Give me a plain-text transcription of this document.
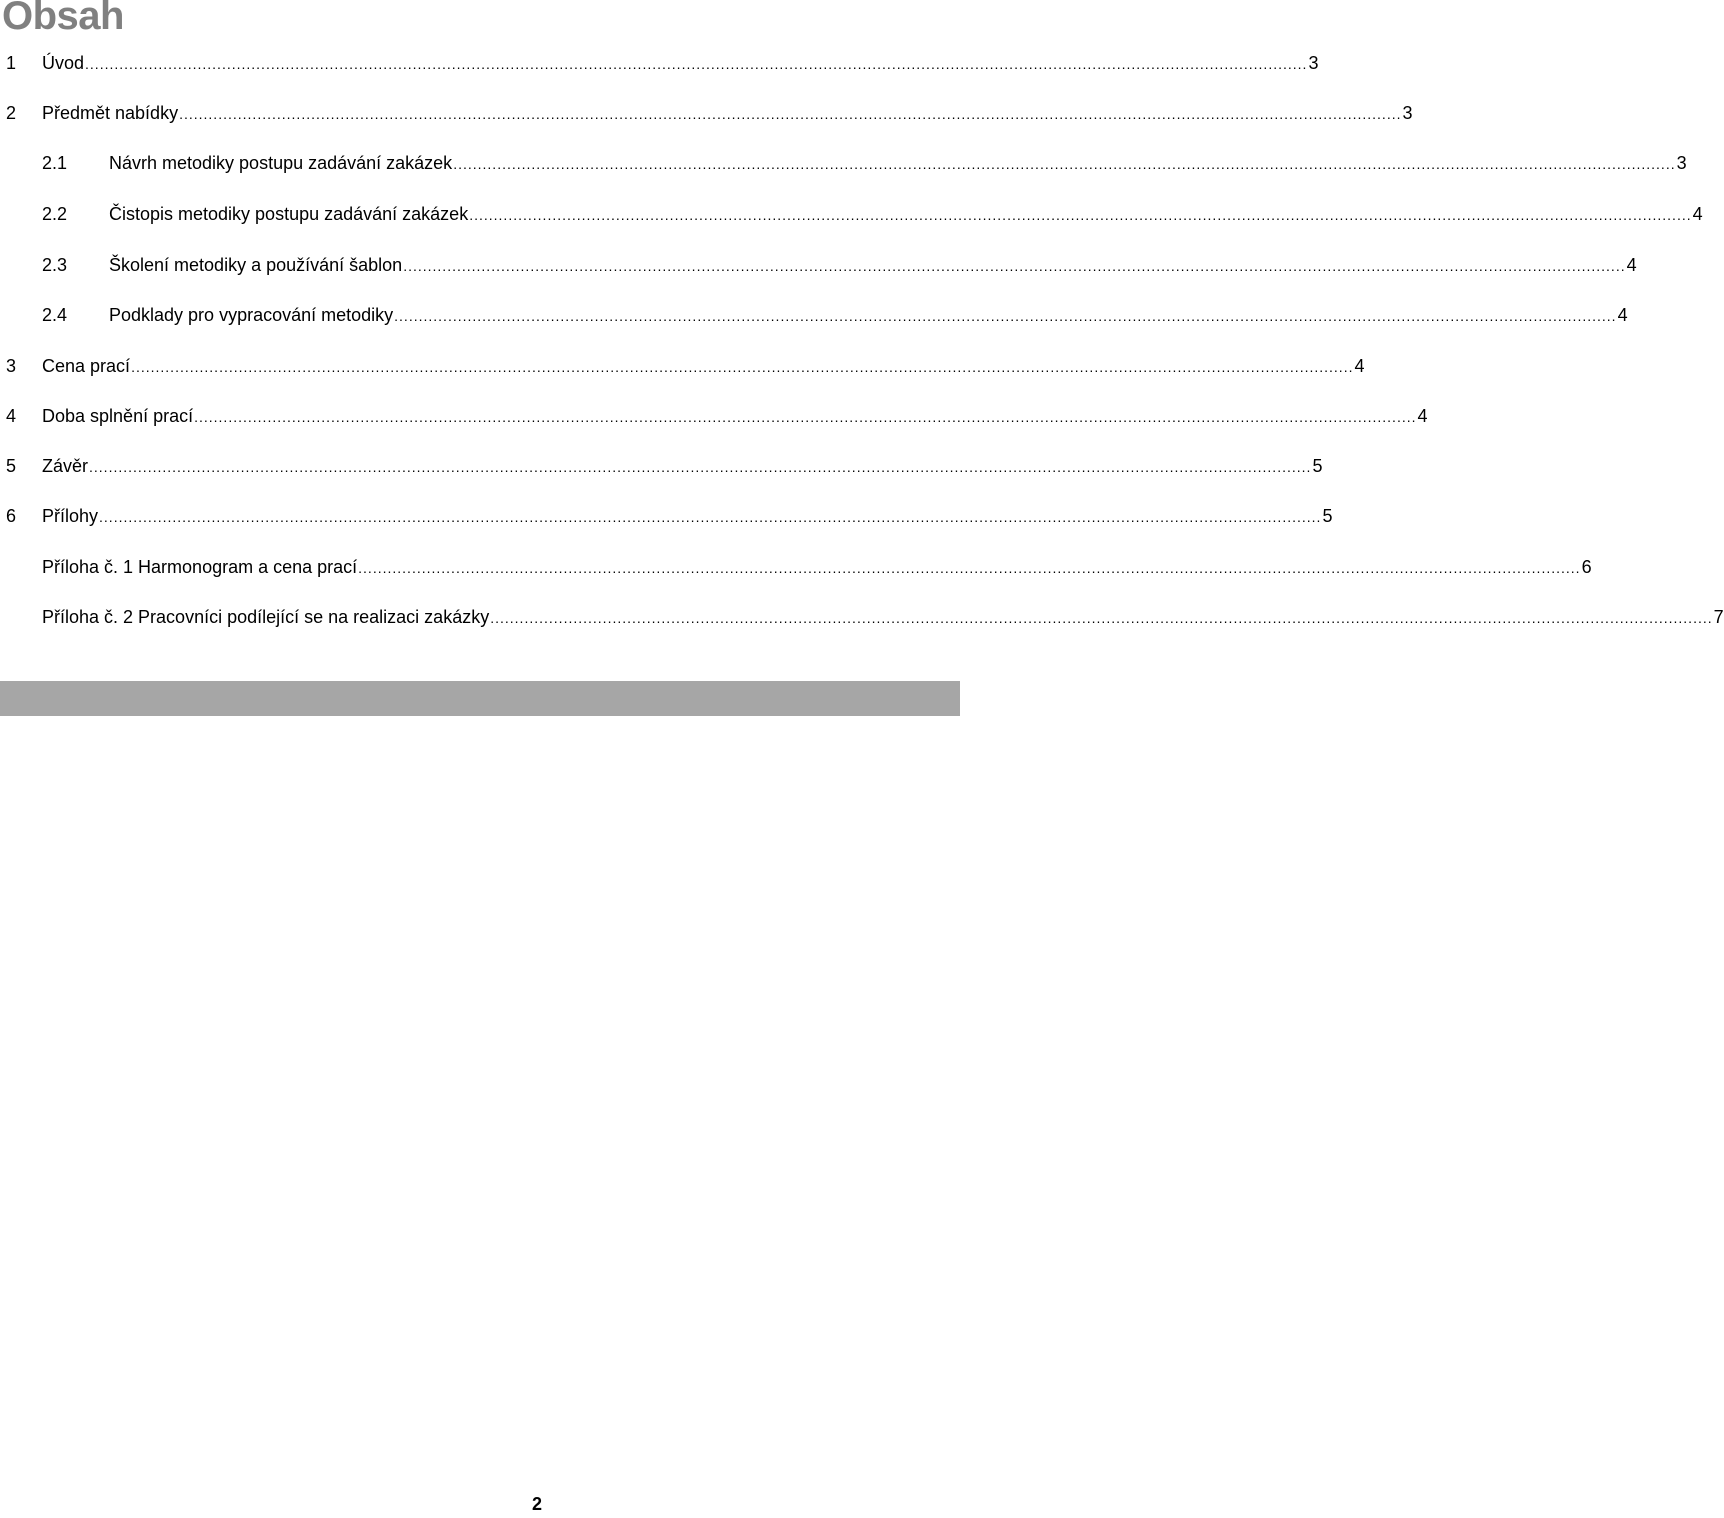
Obsah
1 Úvod .......................................................................................................................................................................................................................................................... 3
2 Předmět nabídky .......................................................................................................................................................................................................................................................... 3
2.1 Návrh metodiky postupu zadávání zakázek .......................................................................................................................................................................................................................................................... 3
2.2 Čistopis metodiky postupu zadávání zakázek .......................................................................................................................................................................................................................................................... 4
2.3 Školení metodiky a používání šablon .......................................................................................................................................................................................................................................................... 4
2.4 Podklady pro vypracování metodiky .......................................................................................................................................................................................................................................................... 4
3 Cena prací .......................................................................................................................................................................................................................................................... 4
4 Doba splnění prací .......................................................................................................................................................................................................................................................... 4
5 Závěr .......................................................................................................................................................................................................................................................... 5
6 Přílohy .......................................................................................................................................................................................................................................................... 5
Příloha č. 1 Harmonogram a cena prací .......................................................................................................................................................................................................................................................... 6
Příloha č. 2 Pracovníci podílející se na realizaci zakázky .......................................................................................................................................................................................................................................................... 7
2
